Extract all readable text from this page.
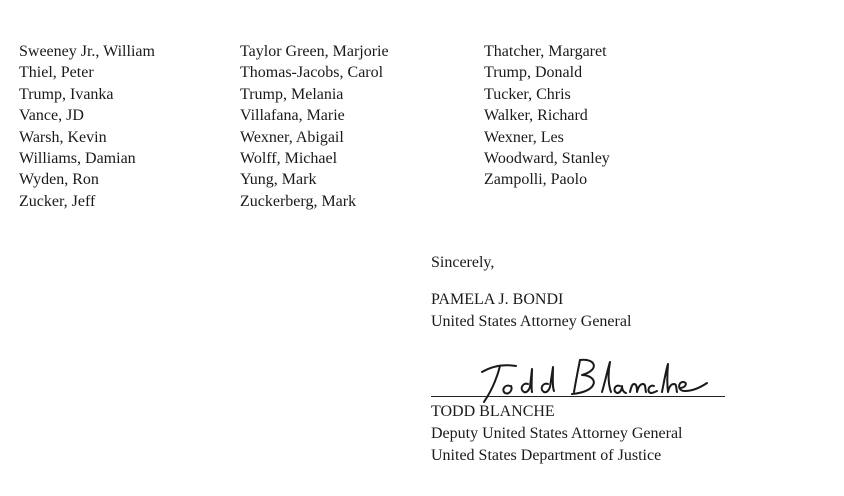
Sweeney Jr., William
Thiel, Peter
Trump, Ivanka
Vance, JD
Warsh, Kevin
Williams, Damian
Wyden, Ron
Zucker, Jeff
Taylor Green, Marjorie
Thomas-Jacobs, Carol
Trump, Melania
Villafana, Marie
Wexner, Abigail
Wolff, Michael
Yung, Mark
Zuckerberg, Mark
Thatcher, Margaret
Trump, Donald
Tucker, Chris
Walker, Richard
Wexner, Les
Woodward, Stanley
Zampolli, Paolo
Sincerely,
PAMELA J. BONDI
United States Attorney General
TODD BLANCHE
Deputy United States Attorney General
United States Department of Justice
